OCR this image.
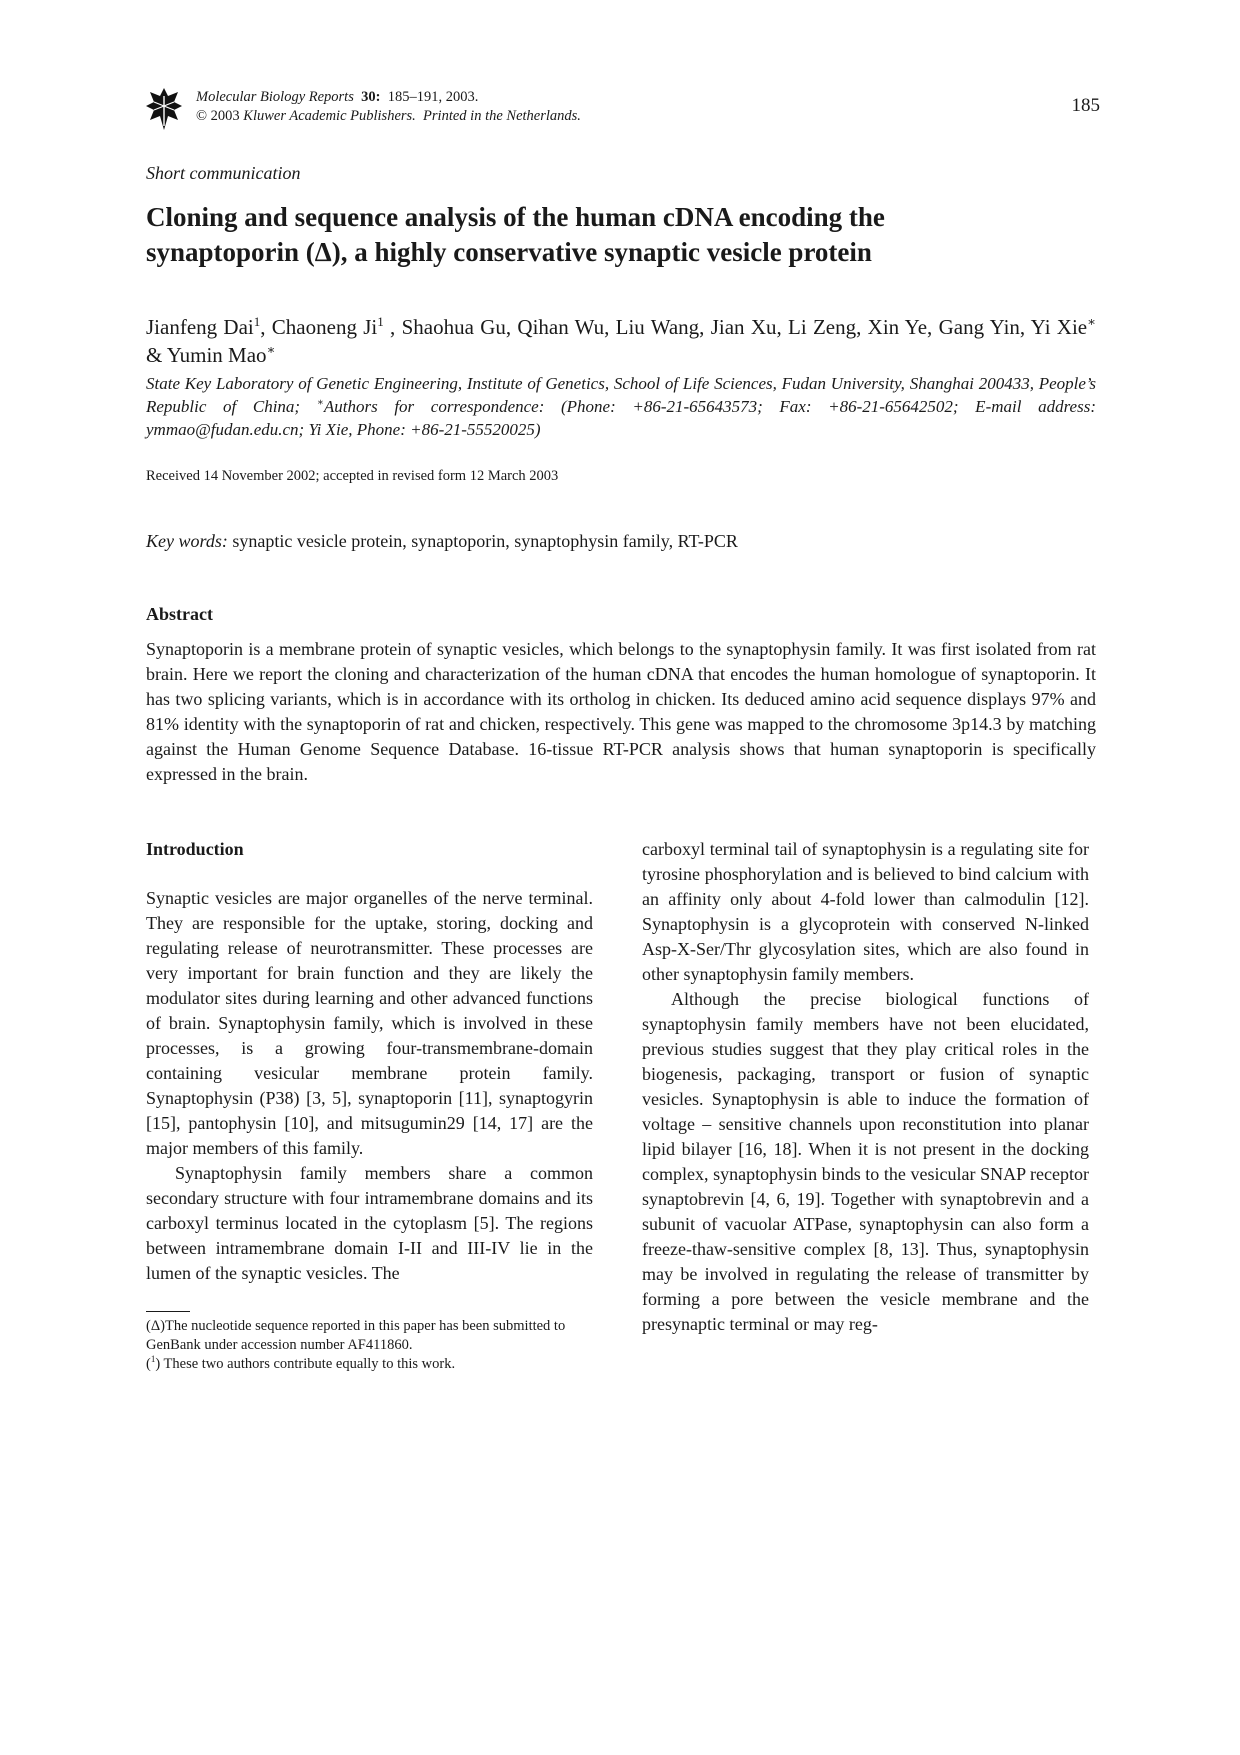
Molecular Biology Reports 30: 185–191, 2003.
© 2003 Kluwer Academic Publishers. Printed in the Netherlands.	185
Short communication
Cloning and sequence analysis of the human cDNA encoding the
synaptoporin (Δ), a highly conservative synaptic vesicle protein
Jianfeng Dai$^1$, Chaoneng Ji$^1$ , Shaohua Gu, Qihan Wu, Liu Wang, Jian Xu, Li Zeng, Xin Ye, Gang Yin, Yi Xie∗ & Yumin Mao∗
State Key Laboratory of Genetic Engineering, Institute of Genetics, School of Life Sciences, Fudan University, Shanghai 200433, People’s Republic of China; ∗Authors for correspondence: (Phone: +86-21-65643573; Fax: +86-21-65642502; E-mail address: ymmao@fudan.edu.cn; Yi Xie, Phone: +86-21-55520025)
Received 14 November 2002; accepted in revised form 12 March 2003
Key words: synaptic vesicle protein, synaptoporin, synaptophysin family, RT-PCR
Abstract
Synaptoporin is a membrane protein of synaptic vesicles, which belongs to the synaptophysin family. It was first isolated from rat brain. Here we report the cloning and characterization of the human cDNA that encodes the human homologue of synaptoporin. It has two splicing variants, which is in accordance with its ortholog in chicken. Its deduced amino acid sequence displays 97% and 81% identity with the synaptoporin of rat and chicken, respectively. This gene was mapped to the chromosome 3p14.3 by matching against the Human Genome Sequence Database. 16-tissue RT-PCR analysis shows that human synaptoporin is specifically expressed in the brain.
Introduction

Synaptic vesicles are major organelles of the nerve terminal. They are responsible for the uptake, storing, docking and regulating release of neurotransmitter. These processes are very important for brain function and they are likely the modulator sites during learning and other advanced functions of brain. Synaptophysin family, which is involved in these processes, is a growing four-transmembrane-domain containing vesicular membrane protein family. Synaptophysin (P38) [3, 5], synaptoporin [11], synaptogyrin [15], pantophysin [10], and mitsugumin29 [14, 17] are the major members of this family.

Synaptophysin family members share a common secondary structure with four intramembrane domains and its carboxyl terminus located in the cytoplasm [5]. The regions between intramembrane domain I-II and III-IV lie in the lumen of the synaptic vesicles. The

carboxyl terminal tail of synaptophysin is a regulating site for tyrosine phosphorylation and is believed to bind calcium with an affinity only about 4-fold lower than calmodulin [12]. Synaptophysin is a glycoprotein with conserved N-linked Asp-X-Ser/Thr glycosylation sites, which are also found in other synaptophysin family members.

Although the precise biological functions of synaptophysin family members have not been elucidated, previous studies suggest that they play critical roles in the biogenesis, packaging, transport or fusion of synaptic vesicles. Synaptophysin is able to induce the formation of voltage – sensitive channels upon reconstitution into planar lipid bilayer [16, 18]. When it is not present in the docking complex, synaptophysin binds to the vesicular SNAP receptor synaptobrevin [4, 6, 19]. Together with synaptobrevin and a subunit of vacuolar ATPase, synaptophysin can also form a freeze-thaw-sensitive complex [8, 13]. Thus, synaptophysin may be involved in regulating the release of transmitter by forming a pore between the vesicle membrane and the presynaptic terminal or may reg-

(Δ)The nucleotide sequence reported in this paper has been submitted to GenBank under accession number AF411860.

($^1$) These two authors contribute equally to this work.
